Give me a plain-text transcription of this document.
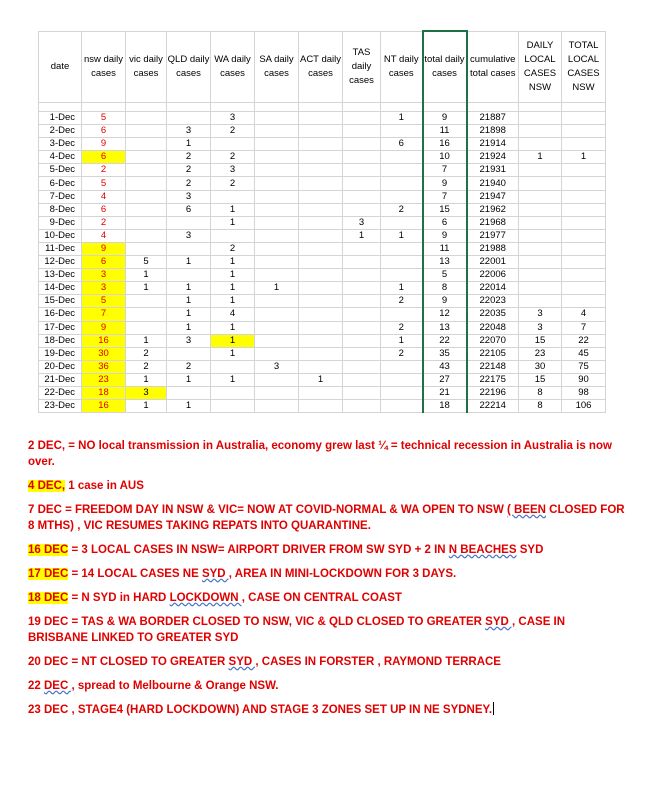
date	nsw daily cases	vic daily cases	QLD daily cases	WA daily cases	SA daily cases	ACT daily cases	TAS daily cases	NT daily cases	total daily cases	cumulative total cases	DAILY LOCAL CASES NSW	TOTAL LOCAL CASES NSW

1-Dec	5			3				1	9	21887		
2-Dec	6		3	2					11	21898		
3-Dec	9		1					6	16	21914		
4-Dec	6		2	2					10	21924	1	1
5-Dec	2		2	3					7	21931		
6-Dec	5		2	2					9	21940		
7-Dec	4		3						7	21947		
8-Dec	6		6	1				2	15	21962		
9-Dec	2			1			3		6	21968		
10-Dec	4		3				1	1	9	21977		
11-Dec	9			2					11	21988		
12-Dec	6	5	1	1					13	22001		
13-Dec	3	1		1					5	22006		
14-Dec	3	1	1	1	1			1	8	22014		
15-Dec	5		1	1				2	9	22023		
16-Dec	7		1	4					12	22035	3	4
17-Dec	9		1	1				2	13	22048	3	7
18-Dec	16	1	3	1				1	22	22070	15	22
19-Dec	30	2		1				2	35	22105	23	45
20-Dec	36	2	2		3				43	22148	30	75
21-Dec	23	1	1	1		1			27	22175	15	90
22-Dec	18	3							21	22196	8	98
23-Dec	16	1	1						18	22214	8	106

2 DEC, = NO local transmission in Australia, economy grew last ¼ = technical recession in Australia is now over.

4 DEC, 1 case in AUS

7 DEC = FREEDOM DAY IN NSW & VIC= NOW AT COVID-NORMAL & WA OPEN TO NSW ( BEEN CLOSED FOR 8 MTHS) , VIC RESUMES TAKING REPATS INTO QUARANTINE.

16 DEC = 3 LOCAL CASES IN NSW= AIRPORT DRIVER FROM SW SYD + 2 IN N BEACHES SYD

17 DEC = 14 LOCAL CASES NE SYD , AREA IN MINI-LOCKDOWN FOR 3 DAYS.

18 DEC = N SYD in HARD LOCKDOWN , CASE ON CENTRAL COAST

19 DEC = TAS & WA BORDER CLOSED TO NSW, VIC & QLD CLOSED TO GREATER SYD , CASE IN BRISBANE LINKED TO GREATER SYD

20 DEC = NT CLOSED TO GREATER SYD , CASES IN FORSTER , RAYMOND TERRACE

22 DEC , spread to Melbourne & Orange NSW.

23 DEC , STAGE4 (HARD LOCKDOWN) AND STAGE 3 ZONES SET UP IN NE SYDNEY.
